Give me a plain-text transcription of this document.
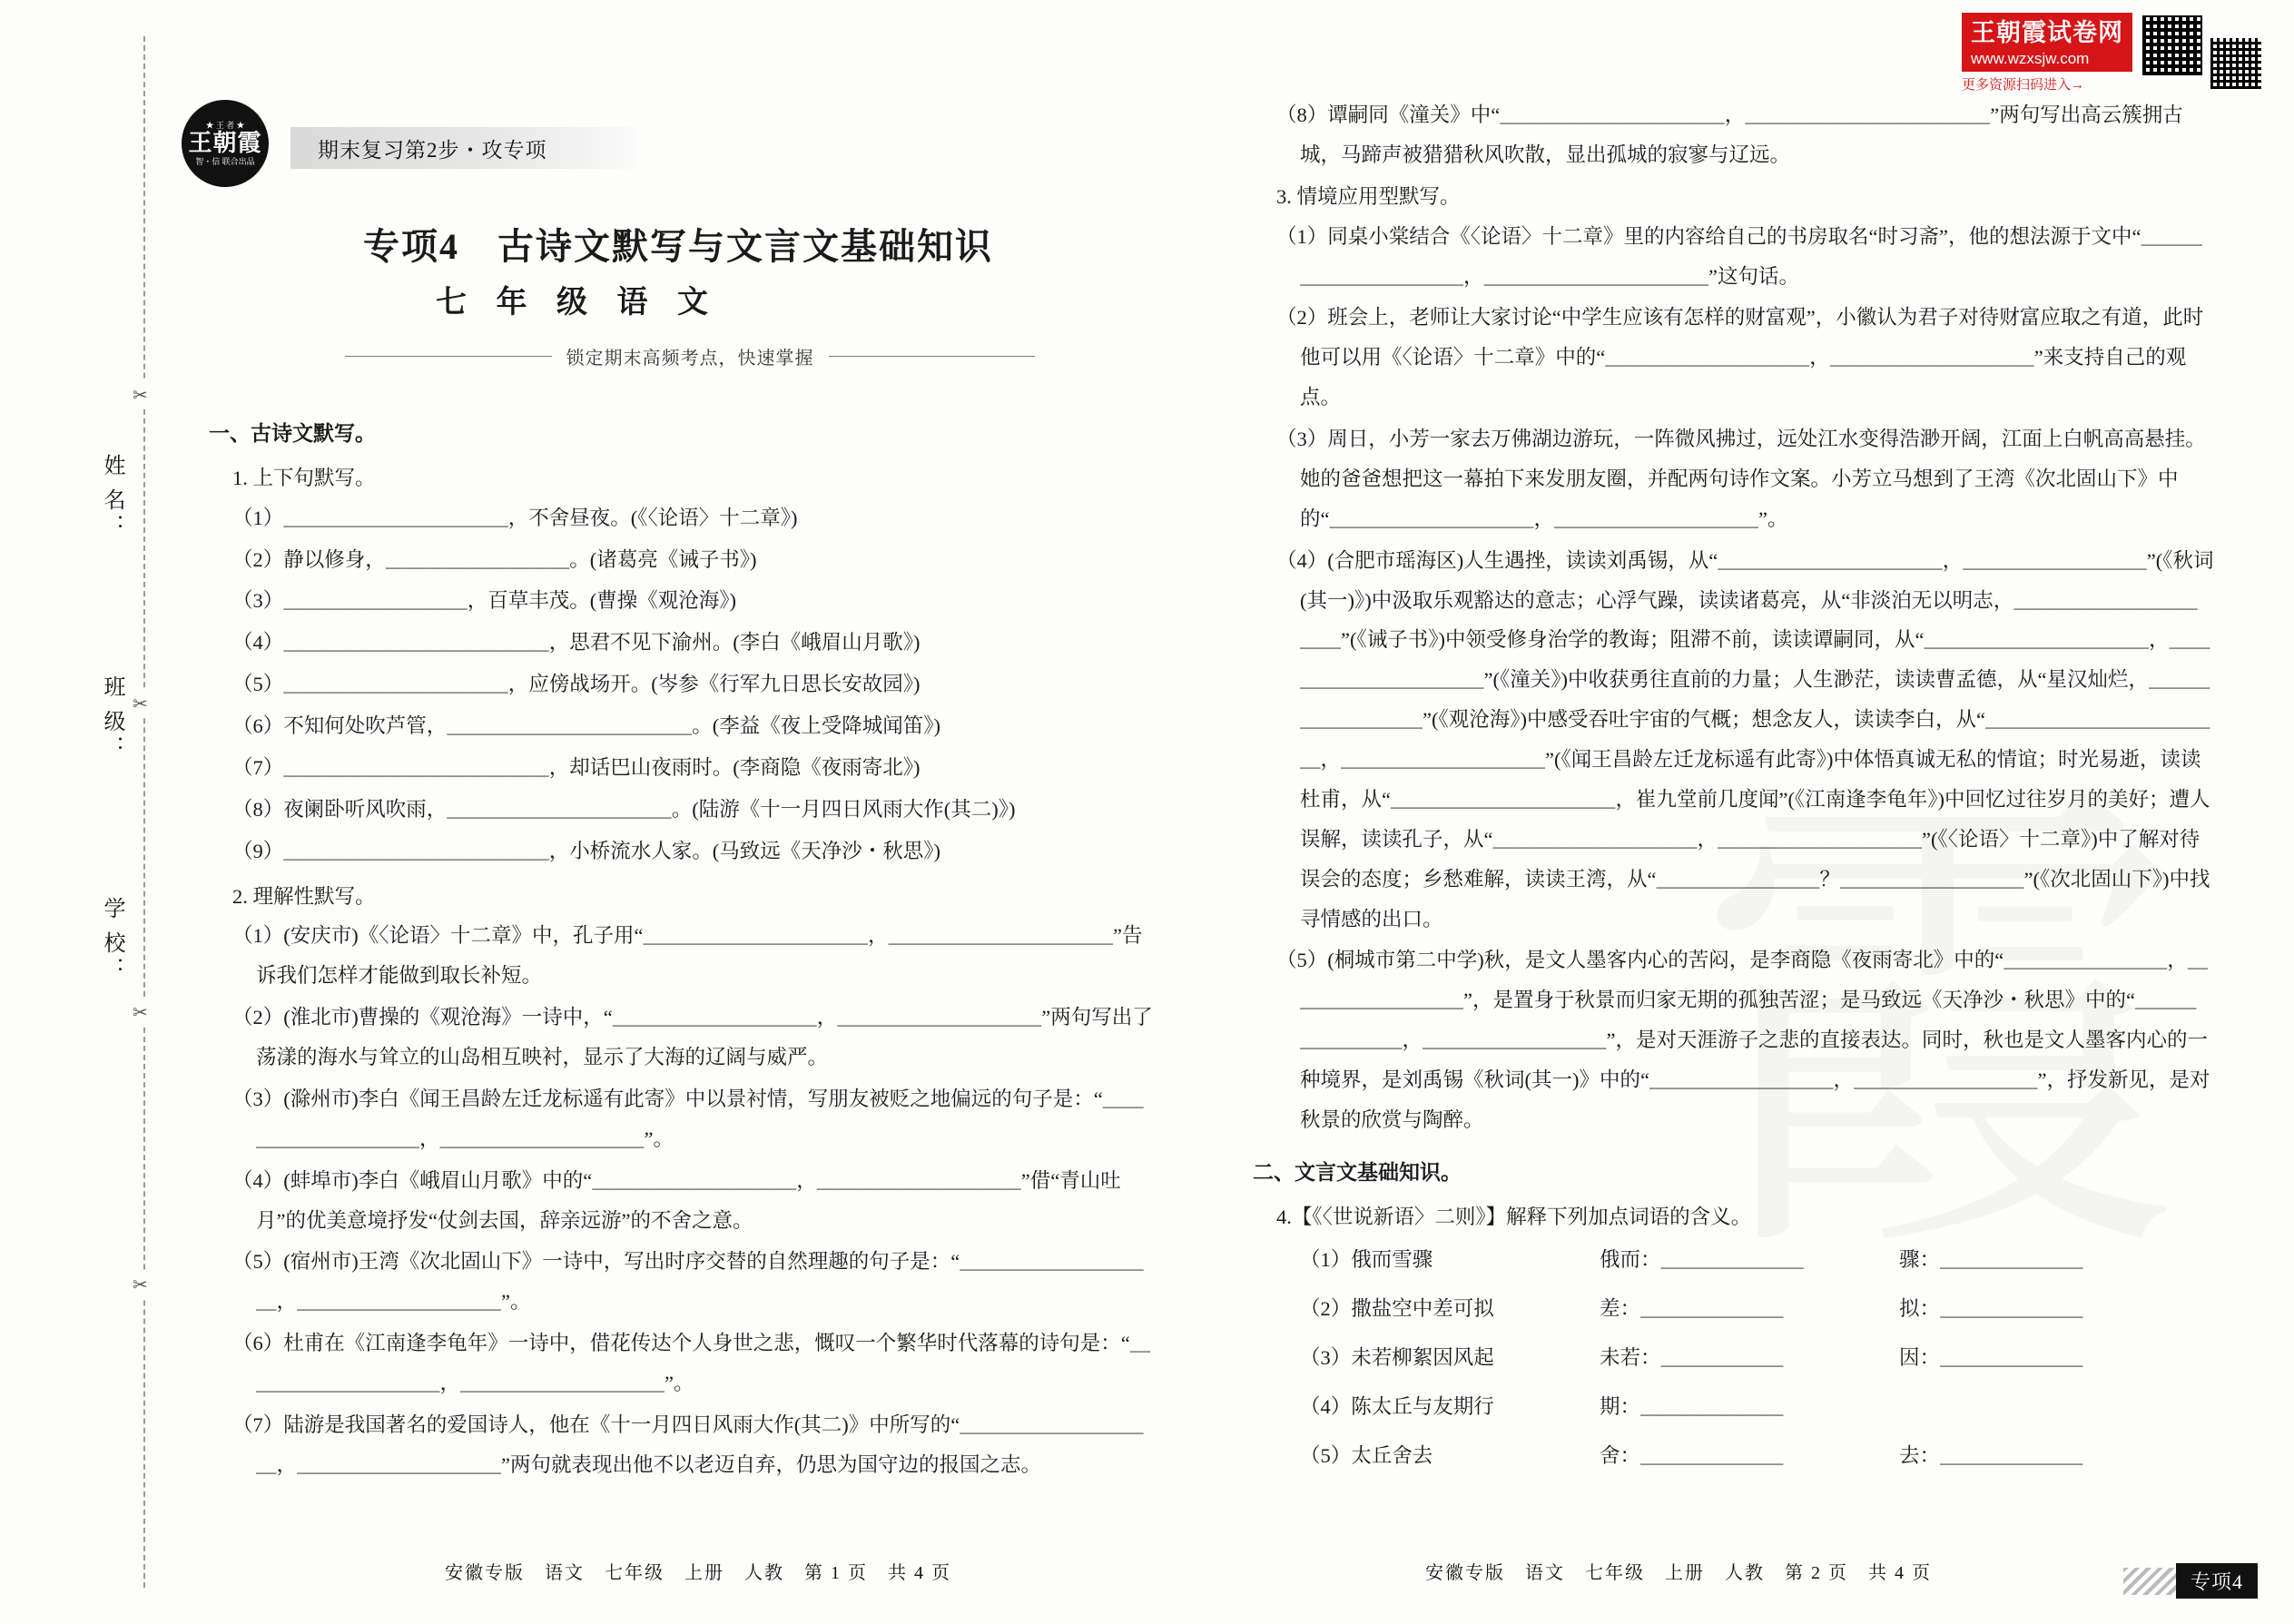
王朝霞试卷网
www.wzxsjw.com
更多资源扫码进入→
✂
✂
✂
✂
姓 名：
班 级：
学 校：
★ 王 者 ★
王朝霞
智・信 联合出品
期末复习第2步・攻专项
专项4　古诗文默写与文言文基础知识
七 年 级 语 文
锁定期末高频考点，快速掌握
一、古诗文默写。
1. 上下句默写。
（1）＿＿＿＿＿＿＿＿＿＿＿，不舍昼夜。(《〈论语〉十二章》)
（2）静以修身，＿＿＿＿＿＿＿＿＿。(诸葛亮《诫子书》)
（3）＿＿＿＿＿＿＿＿＿，百草丰茂。(曹操《观沧海》)
（4）＿＿＿＿＿＿＿＿＿＿＿＿＿，思君不见下渝州。(李白《峨眉山月歌》)
（5）＿＿＿＿＿＿＿＿＿＿＿，应傍战场开。(岑参《行军九日思长安故园》)
（6）不知何处吹芦管，＿＿＿＿＿＿＿＿＿＿＿＿。(李益《夜上受降城闻笛》)
（7）＿＿＿＿＿＿＿＿＿＿＿＿＿，却话巴山夜雨时。(李商隐《夜雨寄北》)
（8）夜阑卧听风吹雨，＿＿＿＿＿＿＿＿＿＿＿。(陆游《十一月四日风雨大作(其二)》)
（9）＿＿＿＿＿＿＿＿＿＿＿＿＿，小桥流水人家。(马致远《天净沙・秋思》)
2. 理解性默写。
（1）(安庆市)《〈论语〉十二章》中，孔子用“＿＿＿＿＿＿＿＿＿＿＿，＿＿＿＿＿＿＿＿＿＿＿”告诉我们怎样才能做到取长补短。
（2）(淮北市)曹操的《观沧海》一诗中，“＿＿＿＿＿＿＿＿＿＿，＿＿＿＿＿＿＿＿＿＿”两句写出了荡漾的海水与耸立的山岛相互映衬，显示了大海的辽阔与威严。
（3）(滁州市)李白《闻王昌龄左迁龙标遥有此寄》中以景衬情，写朋友被贬之地偏远的句子是：“＿＿＿＿＿＿＿＿＿＿，＿＿＿＿＿＿＿＿＿＿”。
（4）(蚌埠市)李白《峨眉山月歌》中的“＿＿＿＿＿＿＿＿＿＿，＿＿＿＿＿＿＿＿＿＿”借“青山吐月”的优美意境抒发“仗剑去国，辞亲远游”的不舍之意。
（5）(宿州市)王湾《次北固山下》一诗中，写出时序交替的自然理趣的句子是：“＿＿＿＿＿＿＿＿＿＿，＿＿＿＿＿＿＿＿＿＿”。
（6）杜甫在《江南逢李龟年》一诗中，借花传达个人身世之悲，慨叹一个繁华时代落幕的诗句是：“＿＿＿＿＿＿＿＿＿＿，＿＿＿＿＿＿＿＿＿＿”。
（7）陆游是我国著名的爱国诗人，他在《十一月四日风雨大作(其二)》中所写的“＿＿＿＿＿＿＿＿＿＿，＿＿＿＿＿＿＿＿＿＿”两句就表现出他不以老迈自弃，仍思为国守边的报国之志。
（8）谭嗣同《潼关》中“＿＿＿＿＿＿＿＿＿＿＿，＿＿＿＿＿＿＿＿＿＿＿＿”两句写出高云簇拥古城，马蹄声被猎猎秋风吹散，显出孤城的寂寥与辽远。
3. 情境应用型默写。
（1）同桌小棠结合《〈论语〉十二章》里的内容给自己的书房取名“时习斋”，他的想法源于文中“＿＿＿＿＿＿＿＿＿＿＿，＿＿＿＿＿＿＿＿＿＿＿”这句话。
（2）班会上，老师让大家讨论“中学生应该有怎样的财富观”，小徽认为君子对待财富应取之有道，此时他可以用《〈论语〉十二章》中的“＿＿＿＿＿＿＿＿＿＿，＿＿＿＿＿＿＿＿＿＿”来支持自己的观点。
（3）周日，小芳一家去万佛湖边游玩，一阵微风拂过，远处江水变得浩渺开阔，江面上白帆高高悬挂。她的爸爸想把这一幕拍下来发朋友圈，并配两句诗作文案。小芳立马想到了王湾《次北固山下》中的“＿＿＿＿＿＿＿＿＿＿，＿＿＿＿＿＿＿＿＿＿”。
（4）(合肥市瑶海区)人生遇挫，读读刘禹锡，从“＿＿＿＿＿＿＿＿＿＿＿，＿＿＿＿＿＿＿＿＿”(《秋词(其一)》)中汲取乐观豁达的意志；心浮气躁，读读诸葛亮，从“非淡泊无以明志，＿＿＿＿＿＿＿＿＿＿＿”(《诫子书》)中领受修身治学的教诲；阻滞不前，读读谭嗣同，从“＿＿＿＿＿＿＿＿＿＿＿，＿＿＿＿＿＿＿＿＿＿＿”(《潼关》)中收获勇往直前的力量；人生渺茫，读读曹孟德，从“星汉灿烂，＿＿＿＿＿＿＿＿＿”(《观沧海》)中感受吞吐宇宙的气概；想念友人，读读李白，从“＿＿＿＿＿＿＿＿＿＿＿＿，＿＿＿＿＿＿＿＿＿＿”(《闻王昌龄左迁龙标遥有此寄》)中体悟真诚无私的情谊；时光易逝，读读杜甫，从“＿＿＿＿＿＿＿＿＿＿＿，崔九堂前几度闻”(《江南逢李龟年》)中回忆过往岁月的美好；遭人误解，读读孔子，从“＿＿＿＿＿＿＿＿＿＿，＿＿＿＿＿＿＿＿＿＿”(《〈论语〉十二章》)中了解对待误会的态度；乡愁难解，读读王湾，从“＿＿＿＿＿＿＿＿？＿＿＿＿＿＿＿＿＿”(《次北固山下》)中找寻情感的出口。
（5）(桐城市第二中学)秋，是文人墨客内心的苦闷，是李商隐《夜雨寄北》中的“＿＿＿＿＿＿＿＿，＿＿＿＿＿＿＿＿＿”，是置身于秋景而归家无期的孤独苦涩；是马致远《天净沙・秋思》中的“＿＿＿＿＿＿＿＿，＿＿＿＿＿＿＿＿＿”，是对天涯游子之悲的直接表达。同时，秋也是文人墨客内心的一种境界，是刘禹锡《秋词(其一)》中的“＿＿＿＿＿＿＿＿＿，＿＿＿＿＿＿＿＿＿”，抒发新见，是对秋景的欣赏与陶醉。
二、文言文基础知识。
4.【《〈世说新语〉二则》】解释下列加点词语的含义。
（1）俄而雪骤	俄而：＿＿＿＿＿＿＿	骤：＿＿＿＿＿＿＿
（2）撒盐空中差可拟	差：＿＿＿＿＿＿＿	拟：＿＿＿＿＿＿＿
（3）未若柳絮因风起	未若：＿＿＿＿＿＿	因：＿＿＿＿＿＿＿
（4）陈太丘与友期行	期：＿＿＿＿＿＿＿
（5）太丘舍去	舍：＿＿＿＿＿＿＿	去：＿＿＿＿＿＿＿
安徽专版　语文　七年级　上册　人教　第 1 页　共 4 页	安徽专版　语文　七年级　上册　人教　第 2 页　共 4 页	专项4
